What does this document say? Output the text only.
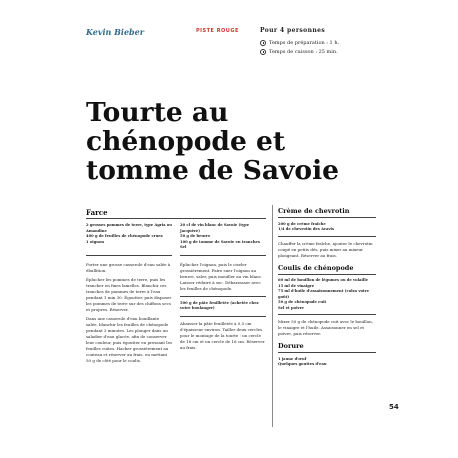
Kevin Bieber	PISTE ROUGE	Pour 4 personnes
Temps de préparation : 1 h.
Temps de cuisson : 25 min.
Tourte au
chénopode et
tomme de Savoie
Farce
2 grosses pommes de terre, type Agria ou Amandine
400 g de feuilles de chénopode crues
1 oignon

Porter une grosse casserole d'eau salée à ébullition.

Éplucher les pommes de terre, puis les trancher en fines lamelles. Blanchir ces tranches de pommes de terre à l'eau pendant 1 min 30. Égoutter, puis disposer les pommes de terre sur des chiffons secs et propres. Réserver.

Dans une casserole d'eau bouillante salée, blanchir les feuilles de chénopode pendant 3 minutes. Les plonger dans un saladier d'eau glacée, afin de conserver leur couleur, puis égoutter en pressant les feuilles cuites. Hacher grossièrement au couteau et réserver au frais, en mettant 50 g de côté pour le coulis.

20 cl de vin blanc de Savoie (type Jacquère)
50 g de beurre
100 g de tomme de Savoie en tranches
Sel

Éplucher l'oignon, puis le ciseler grossièrement. Faire suer l'oignon au beurre, saler, puis mouiller au vin blanc. Laisser réduire à sec. Débarrasser avec les feuilles de chénopode.

500 g de pâte feuilletée (achetée chez votre boulanger)

Abaisser la pâte feuilletée à 0,5 cm d'épaisseur environ. Tailler deux cercles pour le montage de la tourte : un cercle de 18 cm et un cercle de 16 cm. Réserver au frais.

Crème de chevrotin
200 g de crème fraîche
1/4 de chevrotin des Aravis

Chauffer la crème fraîche, ajouter le chevrotin coupé en petits dés, puis mixer au mixeur plongeant. Réserver au frais.

Coulis de chénopode
60 ml de bouillon de légumes ou de volaille
15 ml de vinaigre
75 ml d'huile d'assaisonnement (colza votre goût)
50 g de chénopode cuit
Sel et poivre

Mixer 50 g de chénopode cuit avec le bouillon, le vinaigre et l'huile. Assaisonner en sel et poivre, puis réserver.

Dorure
1 jaune d'œuf
Quelques gouttes d'eau
54
